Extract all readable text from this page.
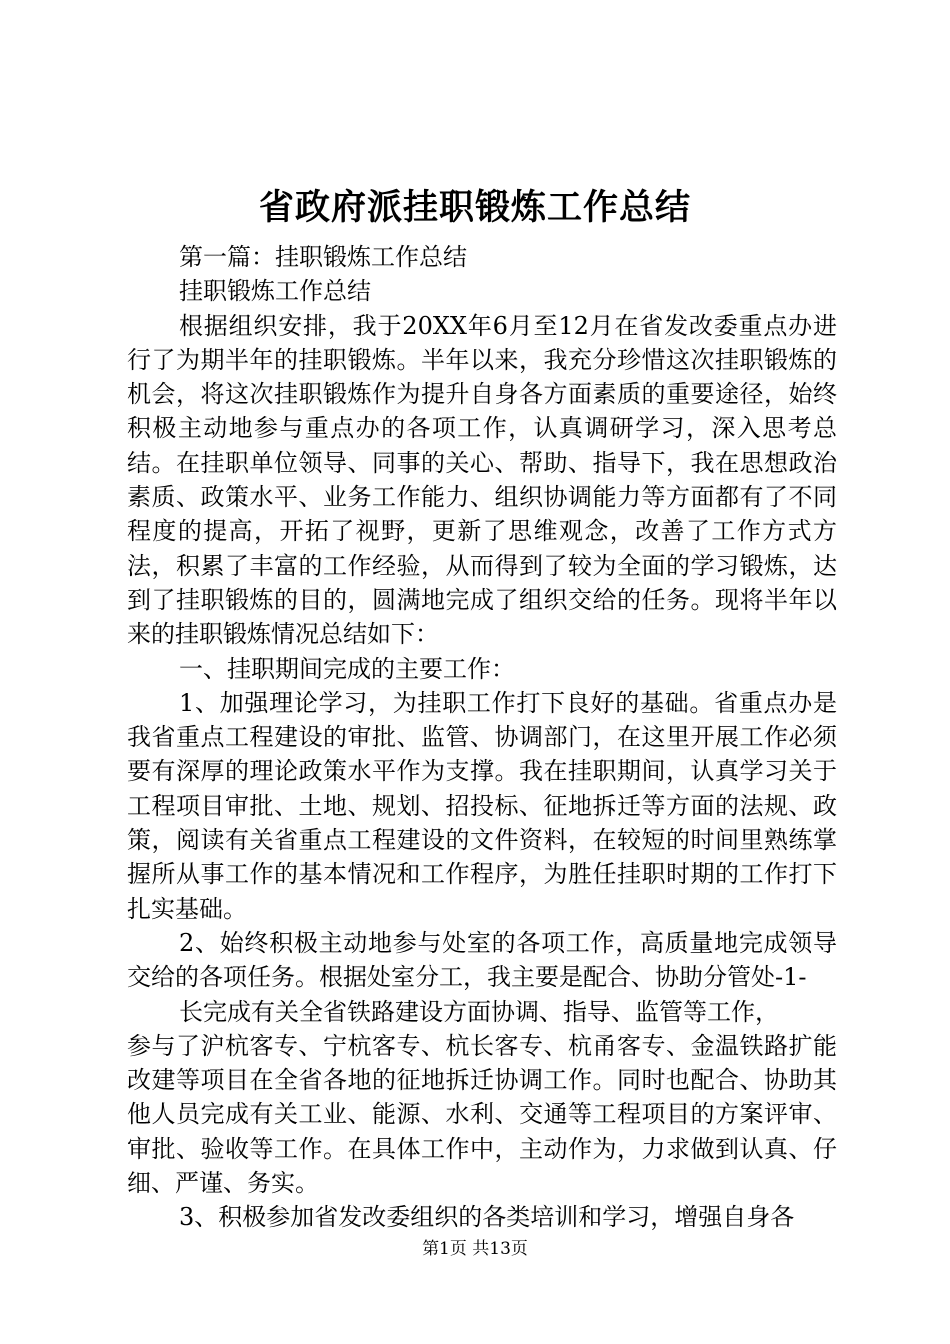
省政府派挂职锻炼工作总结

第一篇：挂职锻炼工作总结

挂职锻炼工作总结

根据组织安排，我于20XX年6月至12月在省发改委重点办进行了为期半年的挂职锻炼。半年以来，我充分珍惜这次挂职锻炼的机会，将这次挂职锻炼作为提升自身各方面素质的重要途径，始终积极主动地参与重点办的各项工作，认真调研学习，深入思考总结。在挂职单位领导、同事的关心、帮助、指导下，我在思想政治素质、政策水平、业务工作能力、组织协调能力等方面都有了不同程度的提高，开拓了视野，更新了思维观念，改善了工作方式方法，积累了丰富的工作经验，从而得到了较为全面的学习锻炼，达到了挂职锻炼的目的，圆满地完成了组织交给的任务。现将半年以来的挂职锻炼情况总结如下：

一、挂职期间完成的主要工作：

1、加强理论学习，为挂职工作打下良好的基础。省重点办是我省重点工程建设的审批、监管、协调部门，在这里开展工作必须要有深厚的理论政策水平作为支撑。我在挂职期间，认真学习关于工程项目审批、土地、规划、招投标、征地拆迁等方面的法规、政策，阅读有关省重点工程建设的文件资料，在较短的时间里熟练掌握所从事工作的基本情况和工作程序，为胜任挂职时期的工作打下扎实基础。

2、始终积极主动地参与处室的各项工作，高质量地完成领导交给的各项任务。根据处室分工，我主要是配合、协助分管处-1-

长完成有关全省铁路建设方面协调、指导、监管等工作，

参与了沪杭客专、宁杭客专、杭长客专、杭甬客专、金温铁路扩能改建等项目在全省各地的征地拆迁协调工作。同时也配合、协助其他人员完成有关工业、能源、水利、交通等工程项目的方案评审、审批、验收等工作。在具体工作中，主动作为，力求做到认真、仔细、严谨、务实。

3、积极参加省发改委组织的各类培训和学习，增强自身各

第1页 共13页
